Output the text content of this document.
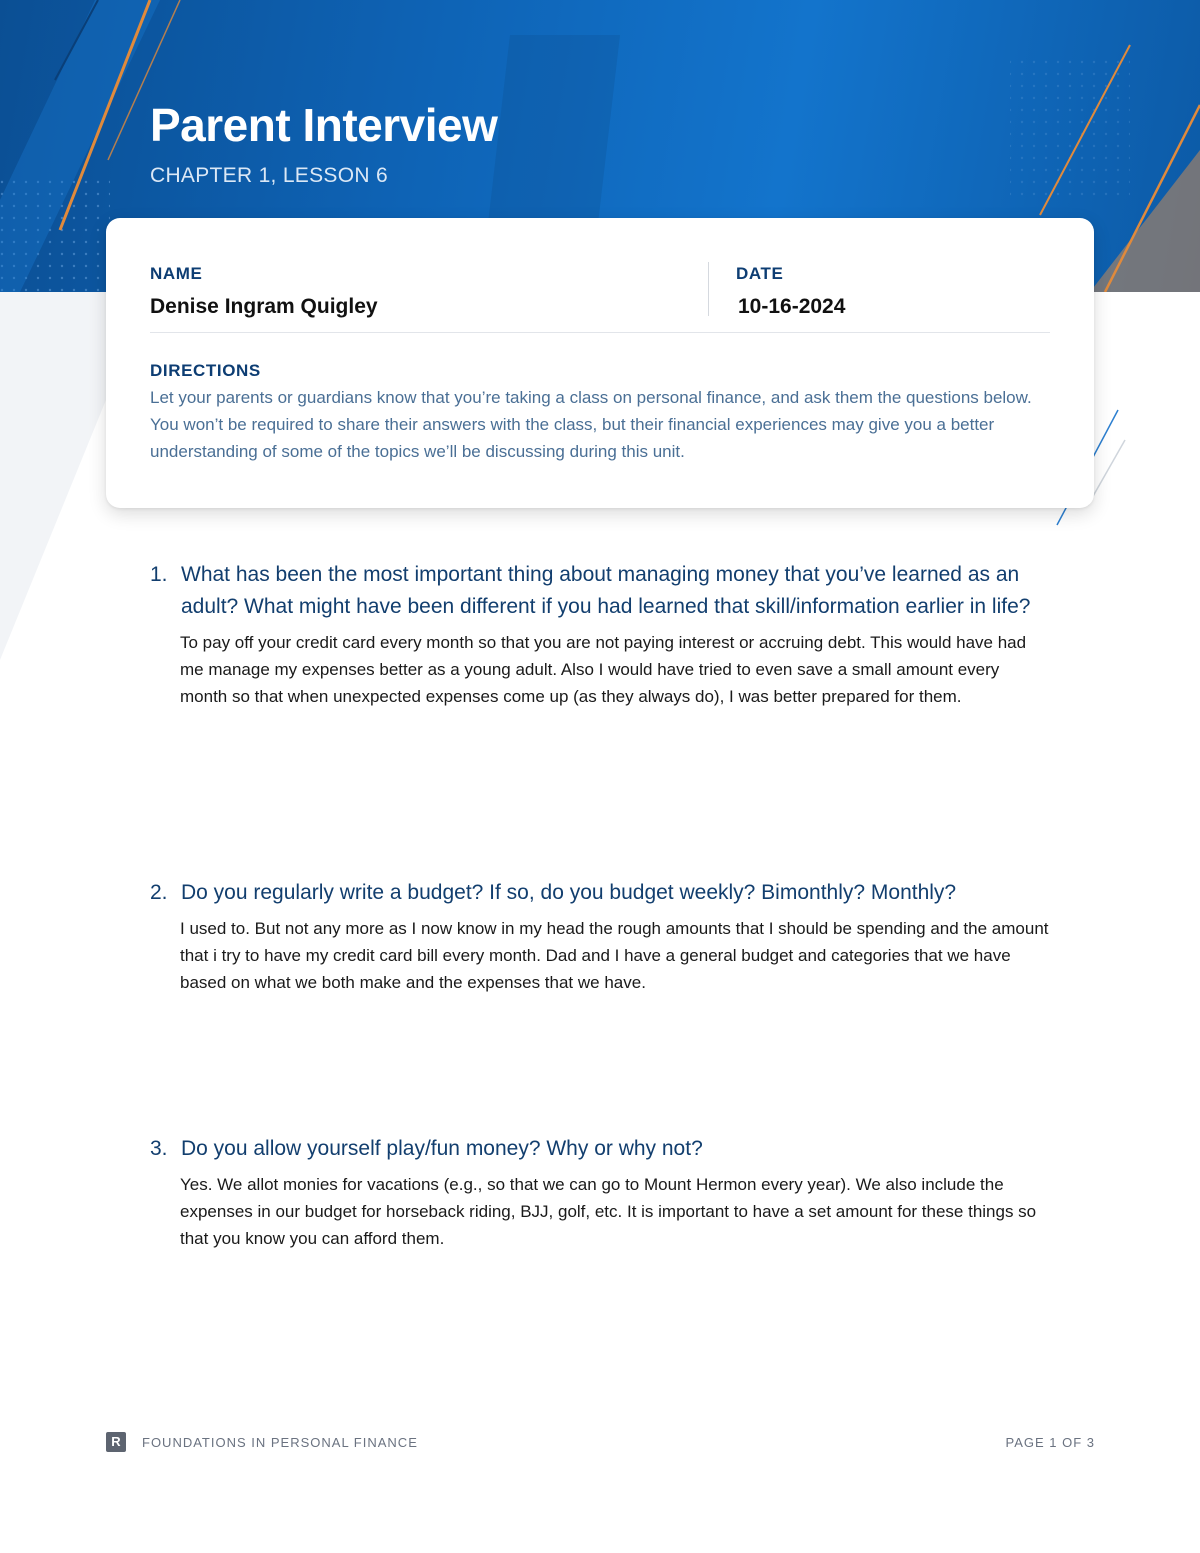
Parent Interview
CHAPTER 1, LESSON 6
NAME
Denise Ingram Quigley
DATE
10-16-2024
DIRECTIONS
Let your parents or guardians know that you’re taking a class on personal finance, and ask them the questions below. You won’t be required to share their answers with the class, but their financial experiences may give you a better understanding of some of the topics we’ll be discussing during this unit.
1. What has been the most important thing about managing money that you’ve learned as an adult? What might have been different if you had learned that skill/information earlier in life?
To pay off your credit card every month so that you are not paying interest or accruing debt. This would have had me manage my expenses better as a young adult. Also I would have tried to even save a small amount every month so that when unexpected expenses come up (as they always do), I was better prepared for them.
2. Do you regularly write a budget? If so, do you budget weekly? Bimonthly? Monthly?
I used to. But not any more as I now know in my head the rough amounts that I should be spending and the amount that i try to have my credit card bill every month. Dad and I have a general budget and categories that we have based on what we both make and the expenses that we have.
3. Do you allow yourself play/fun money? Why or why not?
Yes. We allot monies for vacations (e.g., so that we can go to Mount Hermon every year). We also include the expenses in our budget for horseback riding, BJJ, golf, etc. It is important to have a set amount for these things so that you know you can afford them.
R	FOUNDATIONS IN PERSONAL FINANCE	PAGE 1 OF 3
